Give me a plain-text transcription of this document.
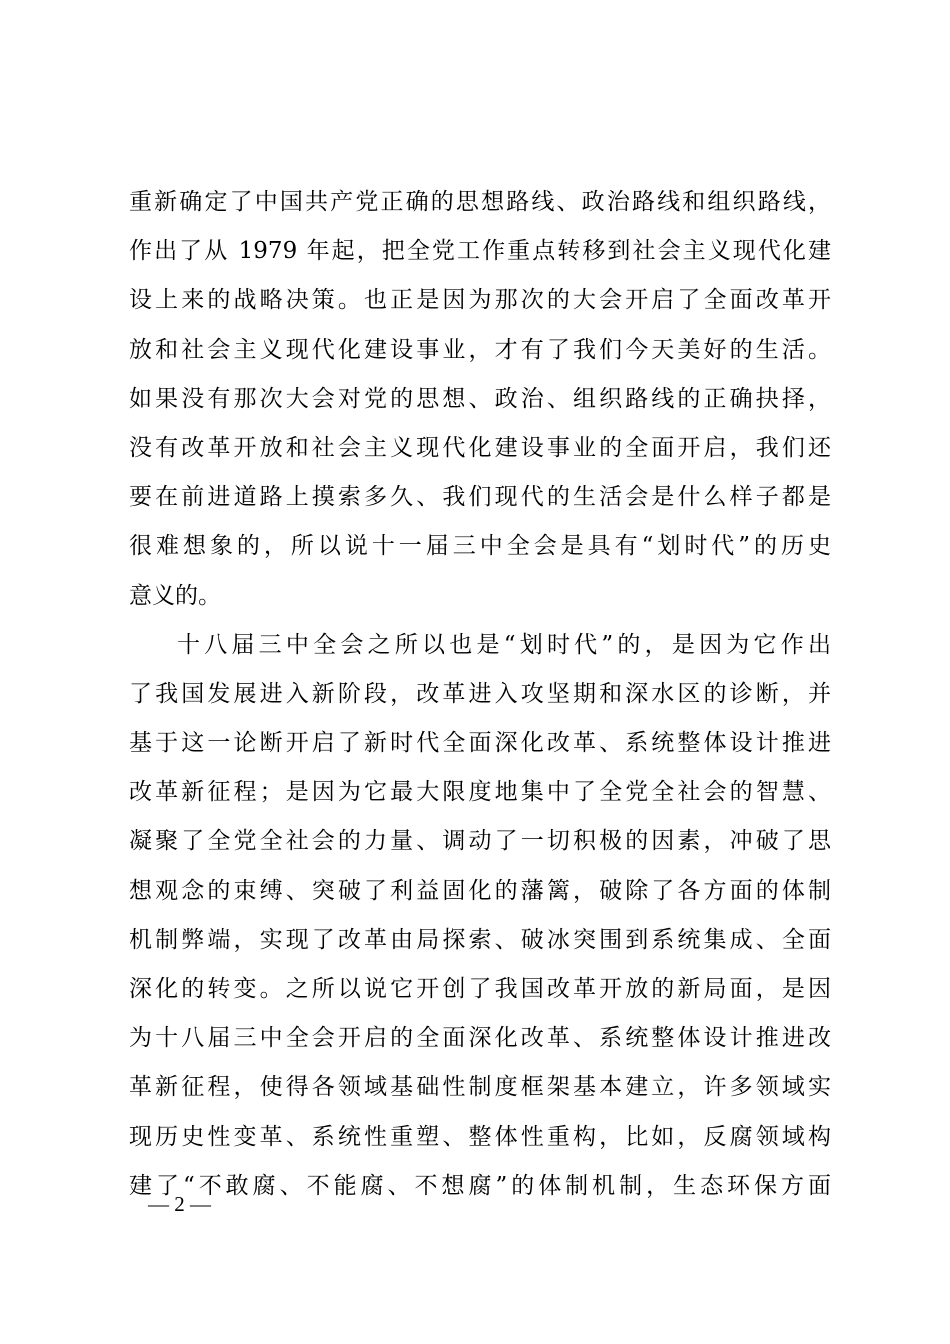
重新确定了中国共产党正确的思想路线、政治路线和组织路线，
作出了从 1979 年起，把全党工作重点转移到社会主义现代化建
设上来的战略决策。也正是因为那次的大会开启了全面改革开
放和社会主义现代化建设事业，才有了我们今天美好的生活。
如果没有那次大会对党的思想、政治、组织路线的正确抉择，
没有改革开放和社会主义现代化建设事业的全面开启，我们还
要在前进道路上摸索多久、我们现代的生活会是什么样子都是
很难想象的，所以说十一届三中全会是具有“划时代”的历史
意义的。
十八届三中全会之所以也是“划时代”的，是因为它作出
了我国发展进入新阶段，改革进入攻坚期和深水区的诊断，并
基于这一论断开启了新时代全面深化改革、系统整体设计推进
改革新征程；是因为它最大限度地集中了全党全社会的智慧、
凝聚了全党全社会的力量、调动了一切积极的因素，冲破了思
想观念的束缚、突破了利益固化的藩篱，破除了各方面的体制
机制弊端，实现了改革由局探索、破冰突围到系统集成、全面
深化的转变。之所以说它开创了我国改革开放的新局面，是因
为十八届三中全会开启的全面深化改革、系统整体设计推进改
革新征程，使得各领域基础性制度框架基本建立，许多领域实
现历史性变革、系统性重塑、整体性重构，比如，反腐领域构
建了“不敢腐、不能腐、不想腐”的体制机制，生态环保方面
— 2 —
